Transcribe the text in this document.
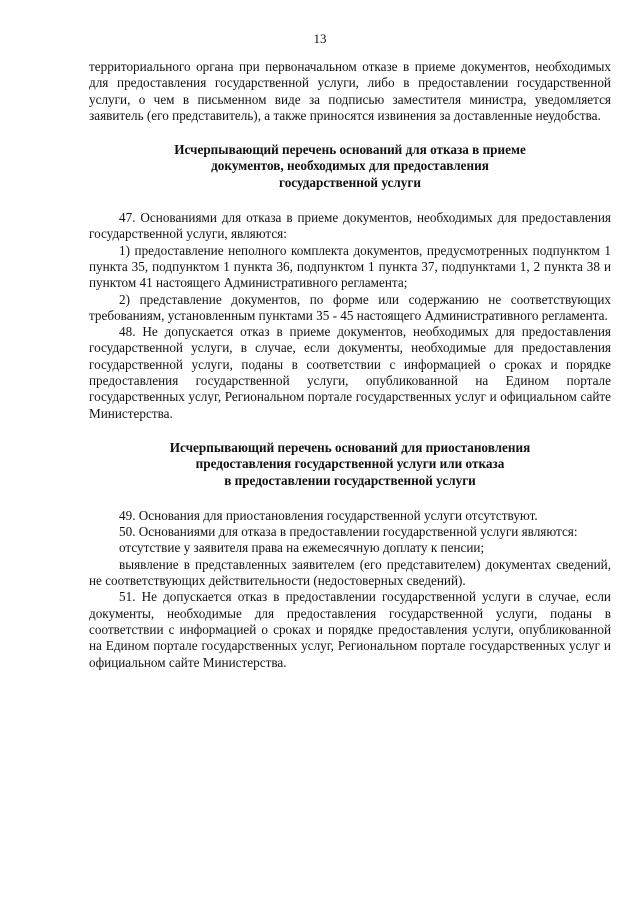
13

территориального органа при первоначальном отказе в приеме документов, необходимых для предоставления государственной услуги, либо в предоставлении государственной услуги, о чем в письменном виде за подписью заместителя министра, уведомляется заявитель (его представитель), а также приносятся извинения за доставленные неудобства.

Исчерпывающий перечень оснований для отказа в приеме
документов, необходимых для предоставления
государственной услуги

47. Основаниями для отказа в приеме документов, необходимых для предоставления государственной услуги, являются:

1) предоставление неполного комплекта документов, предусмотренных подпунктом 1 пункта 35, подпунктом 1 пункта 36, подпунктом 1 пункта 37, подпунктами 1, 2 пункта 38 и пунктом 41 настоящего Административного регламента;

2) представление документов, по форме или содержанию не соответствующих требованиям, установленным пунктами 35 - 45 настоящего Административного регламента.

48. Не допускается отказ в приеме документов, необходимых для предоставления государственной услуги, в случае, если документы, необходимые для предоставления государственной услуги, поданы в соответствии с информацией о сроках и порядке предоставления государственной услуги, опубликованной на Едином портале государственных услуг, Региональном портале государственных услуг и официальном сайте Министерства.

Исчерпывающий перечень оснований для приостановления
предоставления государственной услуги или отказа
в предоставлении государственной услуги

49. Основания для приостановления государственной услуги отсутствуют.

50. Основаниями для отказа в предоставлении государственной услуги являются:

отсутствие у заявителя права на ежемесячную доплату к пенсии;

выявление в представленных заявителем (его представителем) документах сведений, не соответствующих действительности (недостоверных сведений).

51. Не допускается отказ в предоставлении государственной услуги в случае, если документы, необходимые для предоставления государственной услуги, поданы в соответствии с информацией о сроках и порядке предоставления услуги, опубликованной на Едином портале государственных услуг, Региональном портале государственных услуг и официальном сайте Министерства.
